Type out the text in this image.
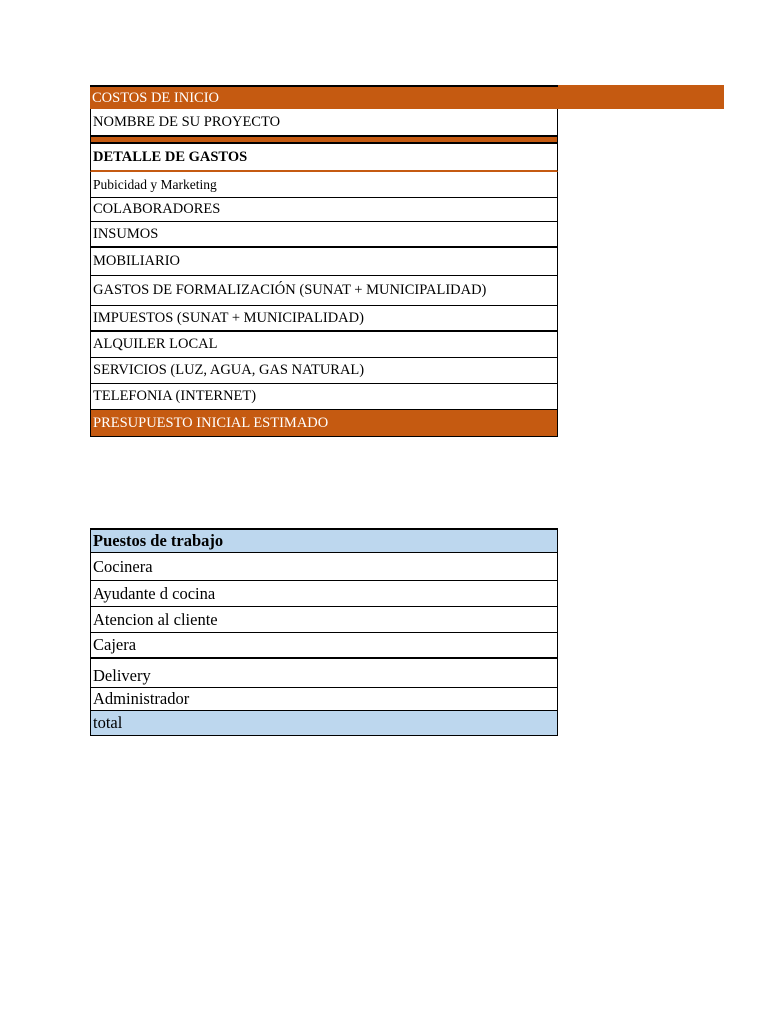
COSTOS DE INICIO
NOMBRE DE SU PROYECTO
DETALLE DE GASTOS
Pubicidad y Marketing
COLABORADORES
INSUMOS
MOBILIARIO
GASTOS DE FORMALIZACIÓN (SUNAT + MUNICIPALIDAD)
IMPUESTOS (SUNAT + MUNICIPALIDAD)
ALQUILER LOCAL
SERVICIOS (LUZ, AGUA, GAS NATURAL)
TELEFONIA (INTERNET)
PRESUPUESTO INICIAL ESTIMADO
Puestos de trabajo
Cocinera
Ayudante d cocina
Atencion al cliente
Cajera
Delivery
Administrador
total
